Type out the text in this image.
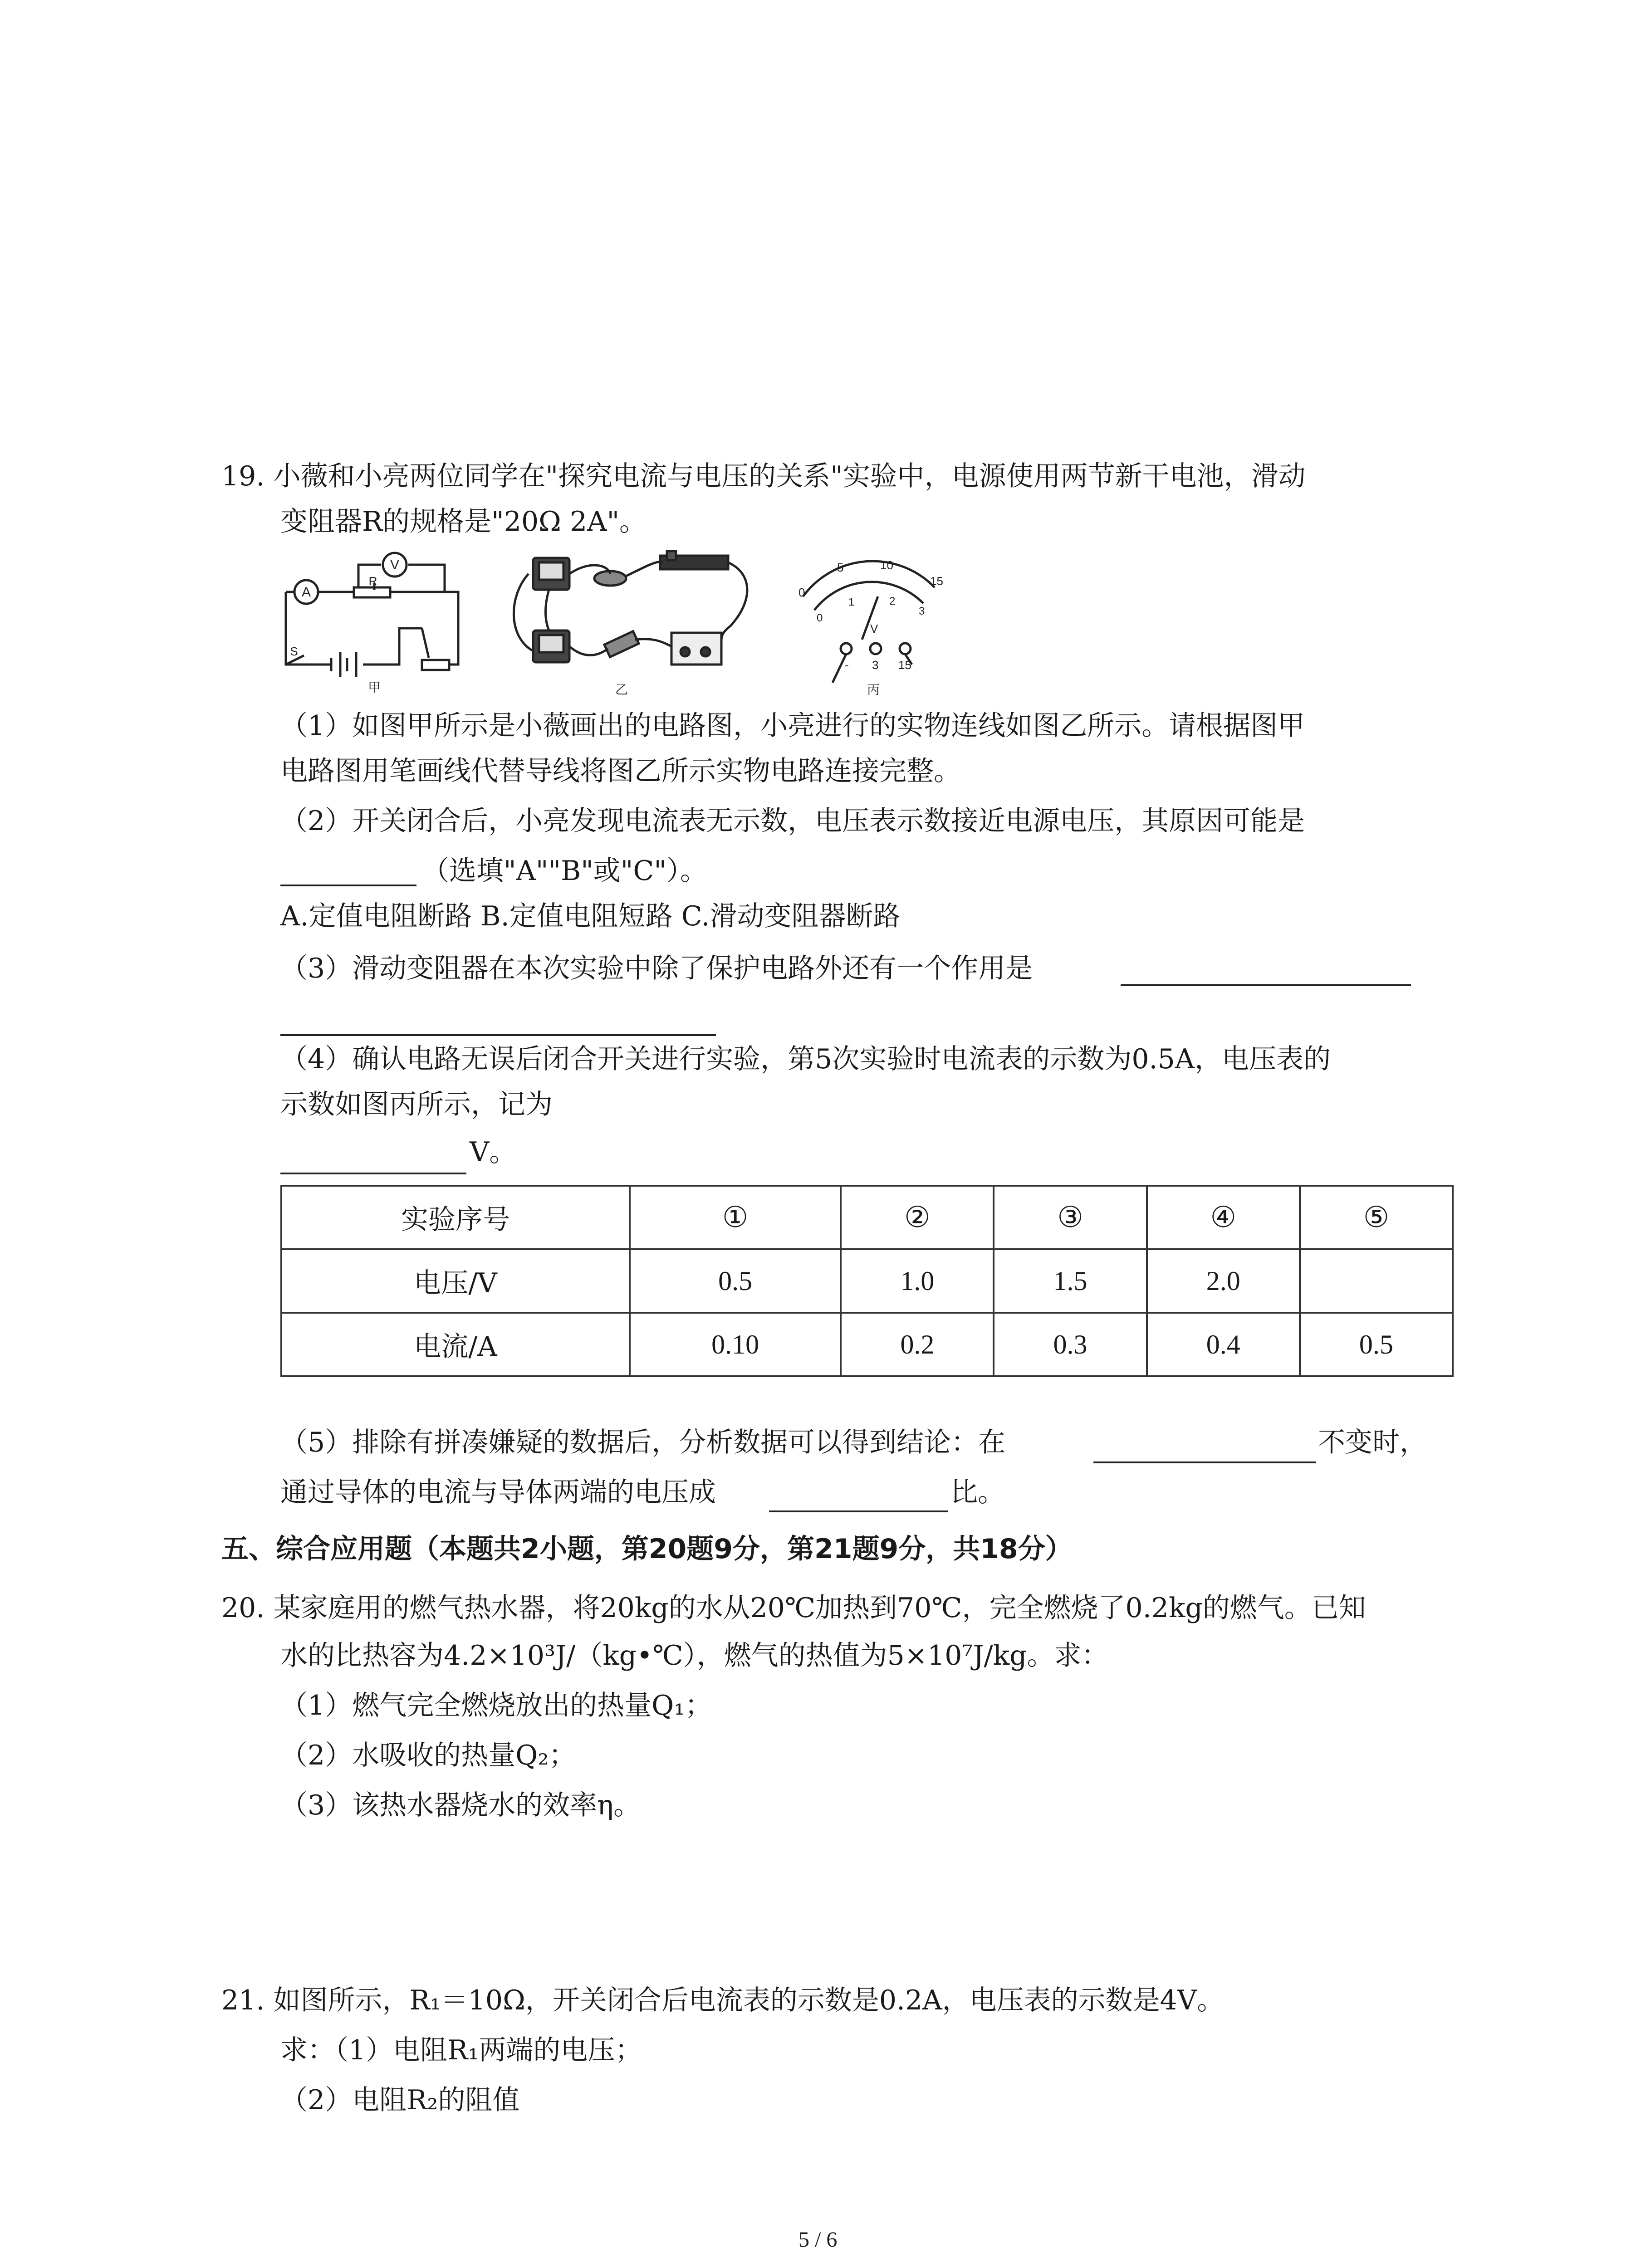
19. 小薇和小亮两位同学在"探究电流与电压的关系"实验中，电源使用两节新干电池，滑动
变阻器R的规格是"20Ω 2A"。
A
V
R
S
甲	乙
0
5	10
15
0
1	2
3
V
- 3 15
丙
（1）如图甲所示是小薇画出的电路图，小亮进行的实物连线如图乙所示。请根据图甲
电路图用笔画线代替导线将图乙所示实物电路连接完整。
（2）开关闭合后，小亮发现电流表无示数，电压表示数接近电源电压，其原因可能是
（选填"A""B"或"C"）。
A.定值电阻断路 B.定值电阻短路 C.滑动变阻器断路
（3）滑动变阻器在本次实验中除了保护电路外还有一个作用是
（4）确认电路无误后闭合开关进行实验，第5次实验时电流表的示数为0.5A，电压表的
示数如图丙所示，记为
V。
实验序号	①	②	③	④	⑤
电压/V	0.5	1.0	1.5	2.0	
电流/A	0.10	0.2	0.3	0.4	0.5
（5）排除有拼凑嫌疑的数据后，分析数据可以得到结论：在	不变时，
通过导体的电流与导体两端的电压成	比。
五、综合应用题（本题共2小题，第20题9分，第21题9分，共18分）
20. 某家庭用的燃气热水器，将20kg的水从20℃加热到70℃，完全燃烧了0.2kg的燃气。已知
水的比热容为4.2×10³J/（kg•℃），燃气的热值为5×10⁷J/kg。求：
（1）燃气完全燃烧放出的热量Q₁；
（2）水吸收的热量Q₂；
（3）该热水器烧水的效率η。
21. 如图所示，R₁＝10Ω，开关闭合后电流表的示数是0.2A，电压表的示数是4V。
求：（1）电阻R₁两端的电压；
（2）电阻R₂的阻值
5 / 6
